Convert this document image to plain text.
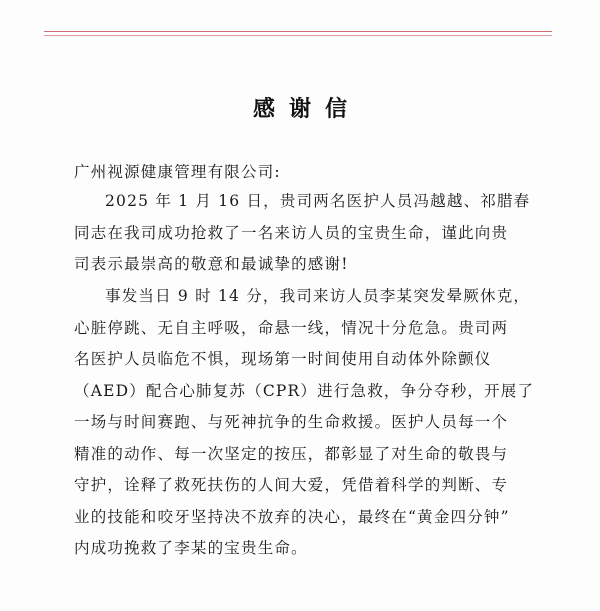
感谢信
广州视源健康管理有限公司:
2025 年 1 月 16 日，贵司两名医护人员冯越越、祁腊春
同志在我司成功抢救了一名来访人员的宝贵生命，谨此向贵
司表示最崇高的敬意和最诚挚的感谢!
事发当日 9 时 14 分，我司来访人员李某突发晕厥休克，
心脏停跳、无自主呼吸，命悬一线，情况十分危急。贵司两
名医护人员临危不惧，现场第一时间使用自动体外除颤仪
（AED）配合心肺复苏（CPR）进行急救，争分夺秒，开展了
一场与时间赛跑、与死神抗争的生命救援。医护人员每一个
精准的动作、每一次坚定的按压，都彰显了对生命的敬畏与
守护，诠释了救死扶伤的人间大爱，凭借着科学的判断、专
业的技能和咬牙坚持决不放弃的决心，最终在“黄金四分钟”
内成功挽救了李某的宝贵生命。
